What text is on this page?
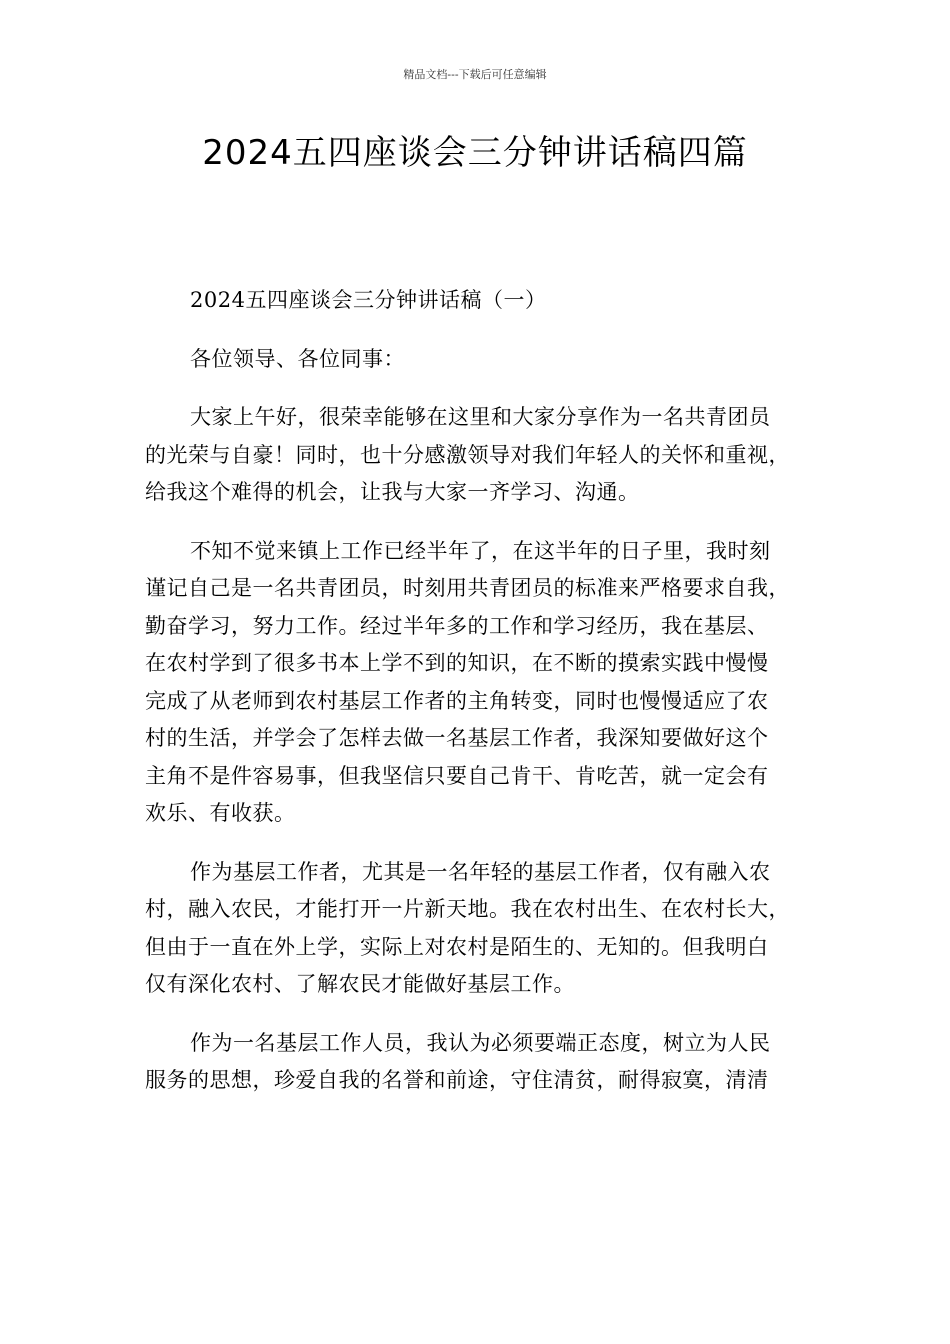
精品文档---下载后可任意编辑
2024五四座谈会三分钟讲话稿四篇
2024五四座谈会三分钟讲话稿（一）
各位领导、各位同事：
大家上午好，很荣幸能够在这里和大家分享作为一名共青团员
的光荣与自豪！同时，也十分感激领导对我们年轻人的关怀和重视，
给我这个难得的机会，让我与大家一齐学习、沟通。
不知不觉来镇上工作已经半年了，在这半年的日子里，我时刻
谨记自己是一名共青团员，时刻用共青团员的标准来严格要求自我，
勤奋学习，努力工作。经过半年多的工作和学习经历，我在基层、
在农村学到了很多书本上学不到的知识，在不断的摸索实践中慢慢
完成了从老师到农村基层工作者的主角转变，同时也慢慢适应了农
村的生活，并学会了怎样去做一名基层工作者，我深知要做好这个
主角不是件容易事，但我坚信只要自己肯干、肯吃苦，就一定会有
欢乐、有收获。
作为基层工作者，尤其是一名年轻的基层工作者，仅有融入农
村，融入农民，才能打开一片新天地。我在农村出生、在农村长大，
但由于一直在外上学，实际上对农村是陌生的、无知的。但我明白
仅有深化农村、了解农民才能做好基层工作。
作为一名基层工作人员，我认为必须要端正态度，树立为人民
服务的思想，珍爱自我的名誉和前途，守住清贫，耐得寂寞，清清
